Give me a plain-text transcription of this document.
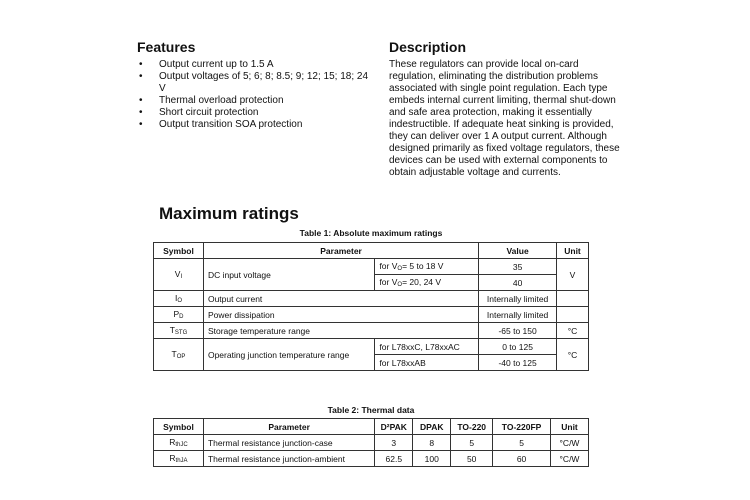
Features
• Output current up to 1.5 A
• Output voltages of 5; 6; 8; 8.5; 9; 12; 15; 18; 24 V
• Thermal overload protection
• Short circuit protection
• Output transition SOA protection
Description

These regulators can provide local on-card regulation, eliminating the distribution problems associated with single point regulation. Each type embeds internal current limiting, thermal shut-down and safe area protection, making it essentially indestructible. If adequate heat sinking is provided, they can deliver over 1 A output current. Although designed primarily as fixed voltage regulators, these devices can be used with external components to obtain adjustable voltage and currents.

Maximum ratings
Table 1: Absolute maximum ratings
Symbol	Parameter		Value	Unit
$V_I$	DC input voltage	for $V_O= 5$ to 18 V	35	V
		for $V_O= 20$, 24 V	40	
$I_O$	Output current		Internally limited	
$P_D$	Power dissipation		Internally limited	
$T_{STG}$	Storage temperature range		-65 to 150	°C
$T_{OP}$	Operating junction temperature range	for L78xxC, L78xxAC	0 to 125	°C
		for L78xxAB	-40 to 125	
Table 2: Thermal data
Symbol	Parameter	D²PAK	DPAK	TO-220	TO-220FP	Unit
$R_{thJC}$	Thermal resistance junction-case	3	8	5	5	°C/W
$R_{thJA}$	Thermal resistance junction-ambient	62.5	100	50	60	°C/W
